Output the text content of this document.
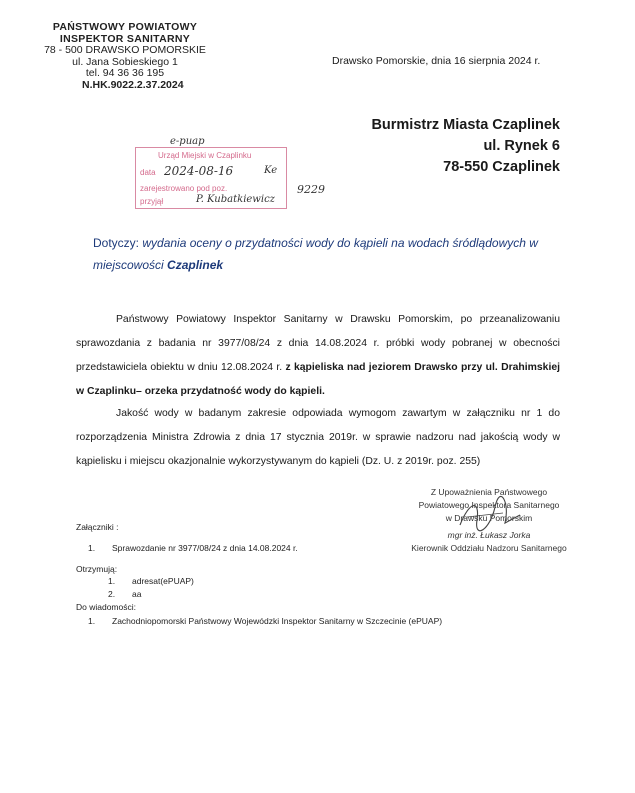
PAŃSTWOWY POWIATOWY
INSPEKTOR SANITARNY
78 - 500 DRAWSKO POMORSKIE
ul. Jana Sobieskiego 1
tel. 94 36 36 195
N.HK.9022.2.37.2024
Drawsko Pomorskie, dnia 16 sierpnia 2024 r.
Burmistrz Miasta Czaplinek
ul. Rynek 6
78-550 Czaplinek
e-puap
Urząd Miejski w Czaplinku
data 2024-08-16	Ke
zarejestrowano pod poz.
przyjął	P. Kubatkiewicz
9229
Dotyczy: wydania oceny o przydatności wody do kąpieli na wodach śródlądowych w miejscowości Czaplinek
Państwowy Powiatowy Inspektor Sanitarny w Drawsku Pomorskim, po przeanalizowaniu sprawozdania z badania nr 3977/08/24 z dnia 14.08.2024 r. próbki wody pobranej w obecności przedstawiciela obiektu w dniu 12.08.2024 r. z kąpieliska nad jeziorem Drawsko przy ul. Drahimskiej w Czaplinku– orzeka przydatność wody do kąpieli.
Jakość wody w badanym zakresie odpowiada wymogom zawartym w załączniku nr 1 do rozporządzenia Ministra Zdrowia z dnia 17 stycznia 2019r. w sprawie nadzoru nad jakością wody w kąpielisku i miejscu okazjonalnie wykorzystywanym do kąpieli (Dz. U. z 2019r. poz. 255)
Z Upoważnienia Państwowego
Powiatowego Inspektora Sanitarnego
w Drawsku Pomorskim
mgr inż. Łukasz Jorka
Kierownik Oddziału Nadzoru Sanitarnego
Załączniki :
1. Sprawozdanie nr 3977/08/24 z dnia 14.08.2024 r.
Otrzymują:
1. adresat(ePUAP)
2. aa
Do wiadomości:
1. Zachodniopomorski Państwowy Wojewódzki Inspektor Sanitarny w Szczecinie (ePUAP)
